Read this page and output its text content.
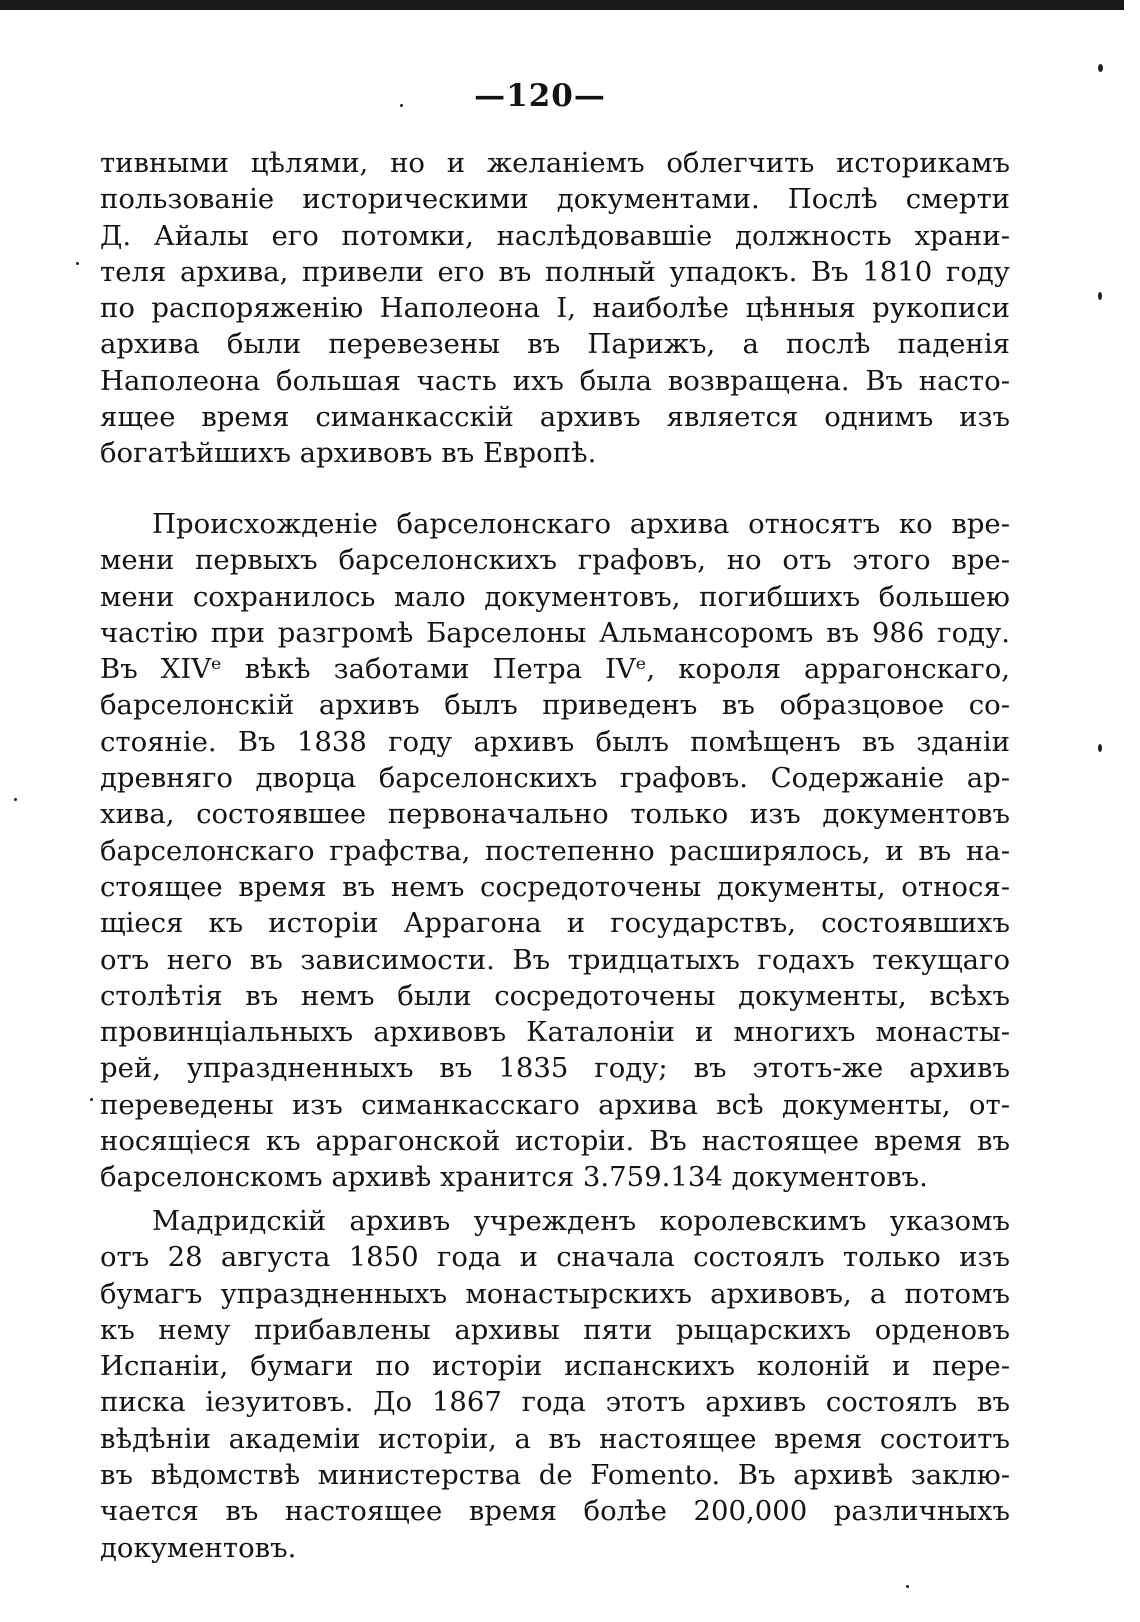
—120—
тивными цѣлями, но и желаніемъ облегчить историкамъ
пользованіе историческими документами. Послѣ смерти
Д. Айалы его потомки, наслѣдовавшіе должность храни-
теля архива, привели его въ полный упадокъ. Въ 1810 году
по распоряженію Наполеона I, наиболѣе цѣнныя рукописи
архива были перевезены въ Парижъ, а послѣ паденія
Наполеона большая часть ихъ была возвращена. Въ насто-
ящее время симанкасскій архивъ является однимъ изъ
богатѣйшихъ архивовъ въ Европѣ.
Происхожденіе барселонскаго архива относятъ ко вре-
мени первыхъ барселонскихъ графовъ, но отъ этого вре-
мени сохранилось мало документовъ, погибшихъ большею
частію при разгромѣ Барселоны Альмансоромъ въ 986 году.
Въ XIVᵉ вѣкѣ заботами Петра IVᵉ, короля аррагонскаго,
барселонскій архивъ былъ приведенъ въ образцовое со-
стояніе. Въ 1838 году архивъ былъ помѣщенъ въ зданіи
древняго дворца барселонскихъ графовъ. Содержаніе ар-
хива, состоявшее первоначально только изъ документовъ
барселонскаго графства, постепенно расширялось, и въ на-
стоящее время въ немъ сосредоточены документы, относя-
щіеся къ исторіи Аррагона и государствъ, состоявшихъ
отъ него въ зависимости. Въ тридцатыхъ годахъ текущаго
столѣтія въ немъ были сосредоточены документы, всѣхъ
провинціальныхъ архивовъ Каталоніи и многихъ монасты-
рей, упраздненныхъ въ 1835 году; въ этотъ-же архивъ
переведены изъ симанкасскаго архива всѣ документы, от-
носящіеся къ аррагонской исторіи. Въ настоящее время въ
барселонскомъ архивѣ хранится 3.759.134 документовъ.
Мадридскій архивъ учрежденъ королевскимъ указомъ
отъ 28 августа 1850 года и сначала состоялъ только изъ
бумагъ упраздненныхъ монастырскихъ архивовъ, а потомъ
къ нему прибавлены архивы пяти рыцарскихъ орденовъ
Испаніи, бумаги по исторіи испанскихъ колоній и пере-
писка іезуитовъ. До 1867 года этотъ архивъ состоялъ въ
вѣдѣніи академіи исторіи, а въ настоящее время состоитъ
въ вѣдомствѣ министерства de Fomento. Въ архивѣ заклю-
чается въ настоящее время болѣе 200,000 различныхъ
документовъ.
